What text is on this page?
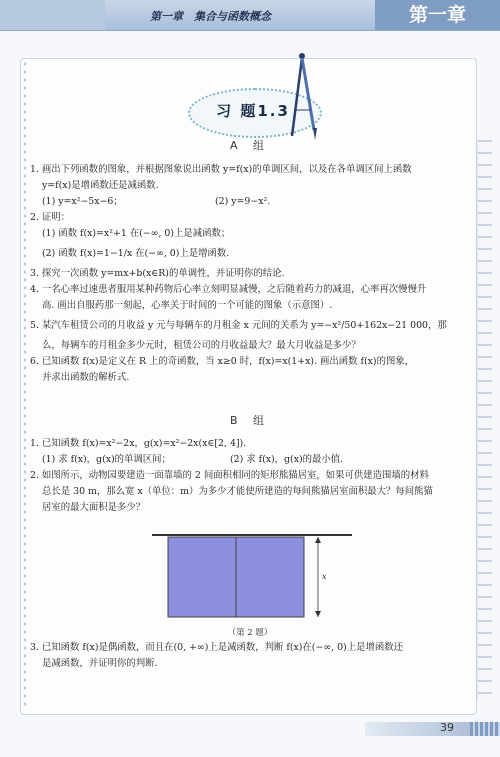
第一章　集合与函数概念	第一章
习 题1.3
A 组

1. 画出下列函数的图象，并根据图象说出函数 y=f(x)的单调区间，以及在各单调区间上函数

y=f(x)是增函数还是减函数.

(1) y=x²−5x−6；	(2) y=9−x².

2. 证明：

(1) 函数 f(x)=x²+1 在(−∞, 0)上是减函数；

(2) 函数 f(x)=1−1/x 在(−∞, 0)上是增函数.

3. 探究一次函数 y=mx+b(x∈R)的单调性，并证明你的结论.

4. 一名心率过速患者服用某种药物后心率立刻明显减慢，之后随着药力的减退，心率再次慢慢升

高. 画出自服药那一刻起，心率关于时间的一个可能的图象（示意图）.

5. 某汽车租赁公司的月收益 y 元与每辆车的月租金 x 元间的关系为 y=−x²/50+162x−21 000，那

么，每辆车的月租金多少元时，租赁公司的月收益最大？最大月收益是多少？

6. 已知函数 f(x)是定义在 R 上的奇函数，当 x≥0 时，f(x)=x(1+x). 画出函数 f(x)的图象，

并求出函数的解析式.

B 组

1. 已知函数 f(x)=x²−2x，g(x)=x²−2x(x∈[2, 4]).

(1) 求 f(x)，g(x)的单调区间；	(2) 求 f(x)，g(x)的最小值.

2. 如图所示，动物园要建造一面靠墙的 2 间面积相同的矩形熊猫居室，如果可供建造围墙的材料

总长是 30 m，那么宽 x（单位：m）为多少才能使所建造的每间熊猫居室面积最大？每间熊猫

居室的最大面积是多少？

x
（第 2 题）

3. 已知函数 f(x)是偶函数，而且在(0, +∞)上是减函数，判断 f(x)在(−∞, 0)上是增函数还

是减函数，并证明你的判断.

39
